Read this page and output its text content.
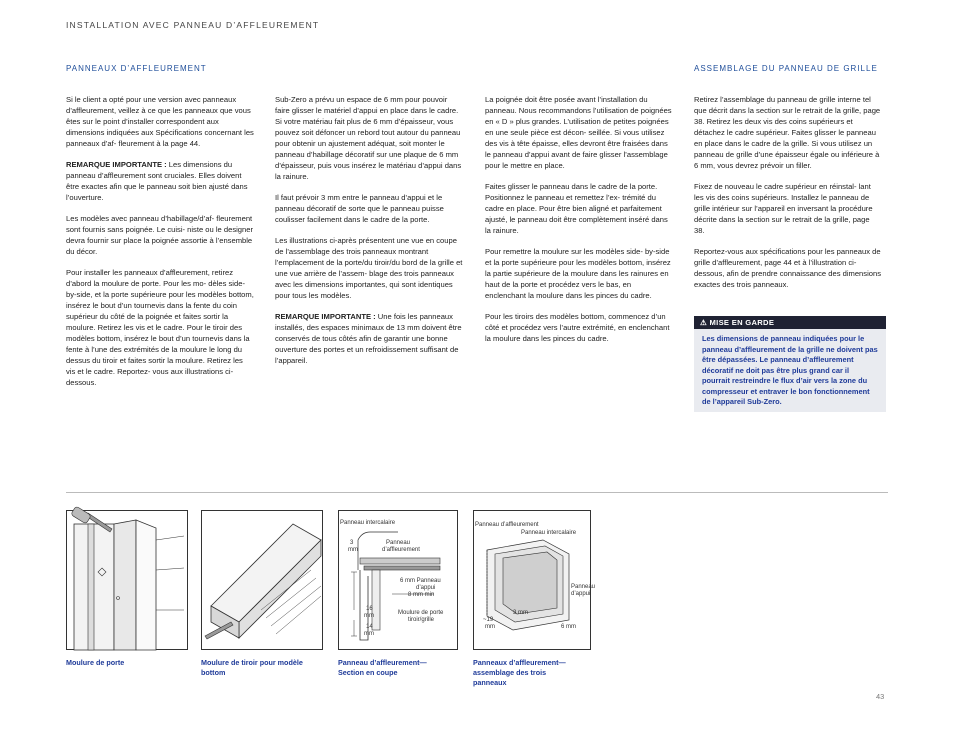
INSTALLATION AVEC PANNEAU D’AFFLEUREMENT
PANNEAUX D’AFFLEUREMENT	ASSEMBLAGE DU PANNEAU DE GRILLE

Si le client a opté pour une version avec panneaux d’affleurement, veillez à ce que les panneaux que vous êtes sur le point d’installer correspondent aux dimensions indiquées aux Spécifications concernant les panneaux d’af- fleurement à la page 44.

REMARQUE IMPORTANTE : Les dimensions du panneau d’affleurement sont cruciales. Elles doivent être exactes afin que le panneau soit bien ajusté dans l’ouverture.

Les modèles avec panneau d’habillage/d’af- fleurement sont fournis sans poignée. Le cuisi- niste ou le designer devra fournir sur place la poignée assortie à l’ensemble du décor.

Pour installer les panneaux d’affleurement, retirez d’abord la moulure de porte. Pour les mo- dèles side-by-side, et la porte supérieure pour les modèles bottom, insérez le bout d’un tournevis dans la fente du coin supérieur du côté de la poignée et faites sortir la moulure. Retirez les vis et le cadre. Pour le tiroir des modèles bottom, insérez le bout d’un tournevis dans la fente à l’une des extrémités de la moulure le long du dessus du tiroir et faites sortir la moulure. Retirez les vis et le cadre. Reportez- vous aux illustrations ci-dessous.

Sub-Zero a prévu un espace de 6 mm pour pouvoir faire glisser le matériel d’appui en place dans le cadre. Si votre matériau fait plus de 6 mm d’épaisseur, vous pouvez soit défoncer un rebord tout autour du panneau pour obtenir un ajustement adéquat, soit monter le panneau d’habillage décoratif sur une plaque de 6 mm d’épaisseur, puis vous insérez le matériau d’appui dans la rainure.

Il faut prévoir 3 mm entre le panneau d’appui et le panneau décoratif de sorte que le panneau puisse coulisser facilement dans le cadre de la porte.

Les illustrations ci-après présentent une vue en coupe de l’assemblage des trois panneaux montrant l’emplacement de la porte/du tiroir/du bord de la grille et une vue arrière de l’assem- blage des trois panneaux avec les dimensions importantes, qui sont identiques pour tous les modèles.

REMARQUE IMPORTANTE : Une fois les panneaux installés, des espaces minimaux de 13 mm doivent être conservés de tous côtés afin de garantir une bonne ouverture des portes et un refroidissement suffisant de l’appareil.

La poignée doit être posée avant l’installation du panneau. Nous recommandons l’utilisation de poignées en « D » plus grandes. L’utilisation de petites poignées en une seule pièce est décon- seillée. Si vous utilisez des vis à tête épaisse, elles devront être fraisées dans le panneau d’appui avant de faire glisser l’assemblage pour le mettre en place.

Faites glisser le panneau dans le cadre de la porte. Positionnez le panneau et remettez l’ex- trémité du cadre en place. Pour être bien aligné et parfaitement ajusté, le panneau doit être complètement inséré dans la rainure.

Pour remettre la moulure sur les modèles side- by-side et la porte supérieure pour les modèles bottom, insérez la partie supérieure de la moulure dans les rainures en haut de la porte et procédez vers le bas, en enclenchant la moulure dans les pinces du cadre.

Pour les tiroirs des modèles bottom, commencez d’un côté et procédez vers l’autre extrémité, en enclenchant la moulure dans les pinces du cadre.

Retirez l’assemblage du panneau de grille interne tel que décrit dans la section sur le retrait de la grille, page 38. Retirez les deux vis des coins supérieurs et détachez le cadre supérieur. Faites glisser le panneau en place dans le cadre de la grille. Si vous utilisez un panneau de grille d’une épaisseur égale ou inférieure à 6 mm, vous devrez prévoir un filler.

Fixez de nouveau le cadre supérieur en réinstal- lant les vis des coins supérieurs. Installez le panneau de grille intérieur sur l’appareil en inversant la procédure décrite dans la section sur le retrait de la grille, page 38.

Reportez-vous aux spécifications pour les panneaux de grille d’affleurement, page 44 et à l’illustration ci-dessous, afin de prendre connaissance des dimensions exactes des trois panneaux.

⚠ MISE EN GARDE
Les dimensions de panneau indiquées pour le panneau d’affleurement de la grille ne doivent pas être dépassées. Le panneau d’affleurement décoratif ne doit pas être plus grand car il pourrait restreindre le flux d’air vers la zone du compresseur et entraver le bon fonctionnement de l’appareil Sub-Zero.
Panneau intercalaire
3
mm
Panneau
d’affleurement
6 mm Panneau
d’appui
8 mm min
16
mm	Moulure de porte
tiroir/grille
14
mm
Panneau d’affleurement
Panneau intercalaire
Panneau
d’appui
3 mm
~19
mm	6 mm
Moulure de porte	Moulure de tiroir pour modèle
bottom
Panneau d’affleurement—
Section en coupe
Panneaux d’affleurement—
assemblage des trois
panneaux
43
